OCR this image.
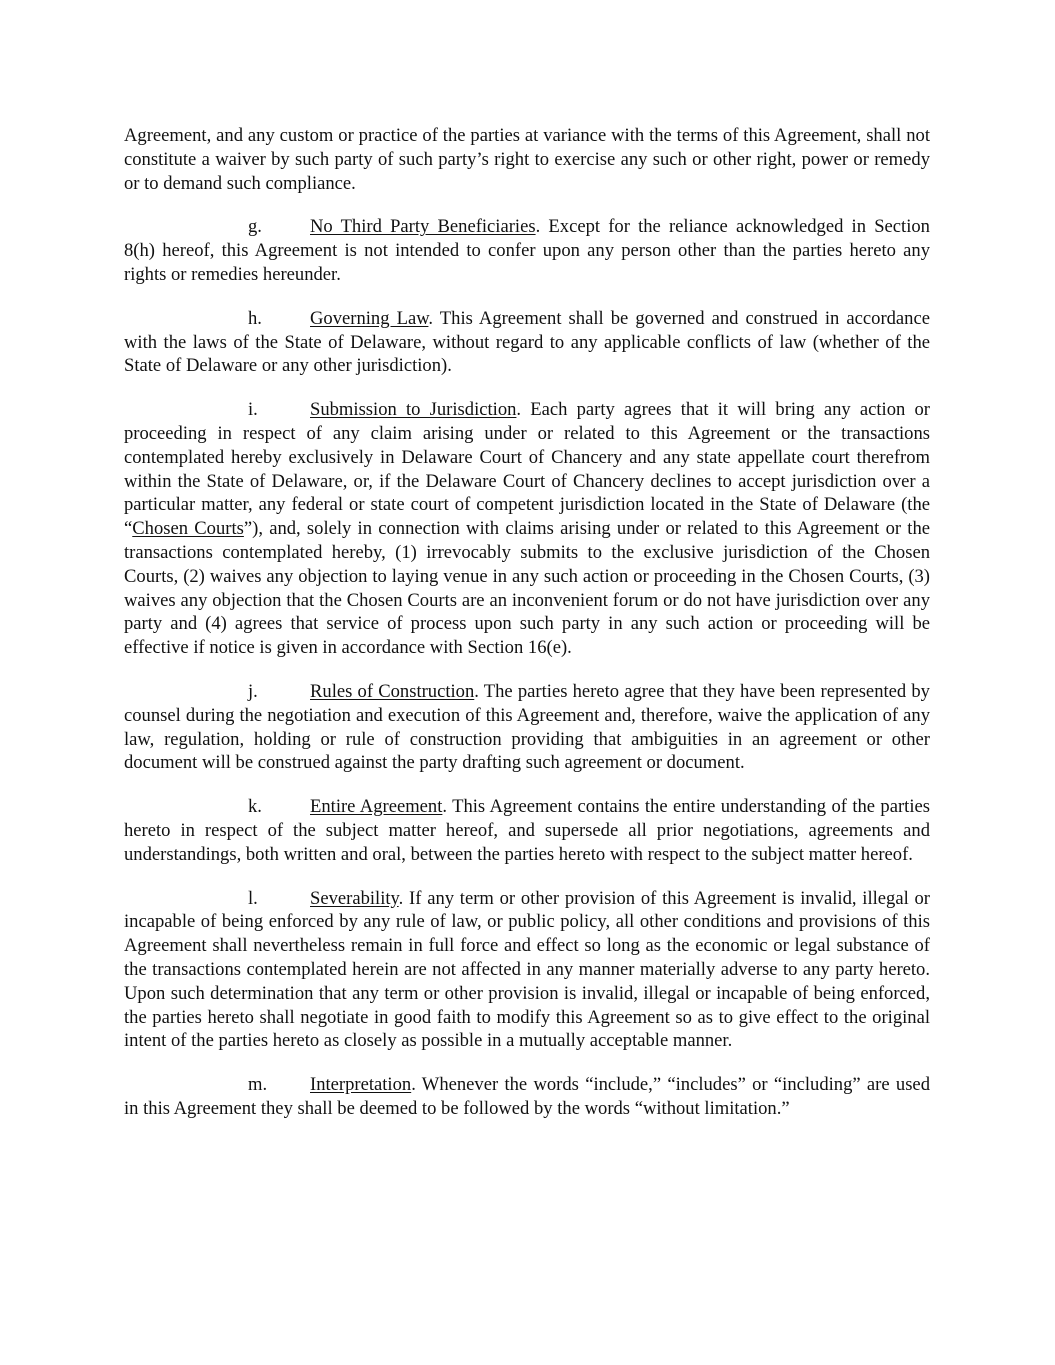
Agreement, and any custom or practice of the parties at variance with the terms of this Agreement, shall not constitute a waiver by such party of such party’s right to exercise any such or other right, power or remedy or to demand such compliance.

g.	No Third Party Beneficiaries. Except for the reliance acknowledged in Section 8(h) hereof, this Agreement is not intended to confer upon any person other than the parties hereto any rights or remedies hereunder.

h.	Governing Law. This Agreement shall be governed and construed in accordance with the laws of the State of Delaware, without regard to any applicable conflicts of law (whether of the State of Delaware or any other jurisdiction).

i.	Submission to Jurisdiction. Each party agrees that it will bring any action or proceeding in respect of any claim arising under or related to this Agreement or the transactions contemplated hereby exclusively in Delaware Court of Chancery and any state appellate court therefrom within the State of Delaware, or, if the Delaware Court of Chancery declines to accept jurisdiction over a particular matter, any federal or state court of competent jurisdiction located in the State of Delaware (the “Chosen Courts”), and, solely in connection with claims arising under or related to this Agreement or the transactions contemplated hereby, (1) irrevocably submits to the exclusive jurisdiction of the Chosen Courts, (2) waives any objection to laying venue in any such action or proceeding in the Chosen Courts, (3) waives any objection that the Chosen Courts are an inconvenient forum or do not have jurisdiction over any party and (4) agrees that service of process upon such party in any such action or proceeding will be effective if notice is given in accordance with Section 16(e).

j.	Rules of Construction. The parties hereto agree that they have been represented by counsel during the negotiation and execution of this Agreement and, therefore, waive the application of any law, regulation, holding or rule of construction providing that ambiguities in an agreement or other document will be construed against the party drafting such agreement or document.

k.	Entire Agreement. This Agreement contains the entire understanding of the parties hereto in respect of the subject matter hereof, and supersede all prior negotiations, agreements and understandings, both written and oral, between the parties hereto with respect to the subject matter hereof.

l.	Severability. If any term or other provision of this Agreement is invalid, illegal or incapable of being enforced by any rule of law, or public policy, all other conditions and provisions of this Agreement shall nevertheless remain in full force and effect so long as the economic or legal substance of the transactions contemplated herein are not affected in any manner materially adverse to any party hereto. Upon such determination that any term or other provision is invalid, illegal or incapable of being enforced, the parties hereto shall negotiate in good faith to modify this Agreement so as to give effect to the original intent of the parties hereto as closely as possible in a mutually acceptable manner.

m. Interpretation. Whenever the words “include,” “includes” or “including” are used in this Agreement they shall be deemed to be followed by the words “without limitation.”
